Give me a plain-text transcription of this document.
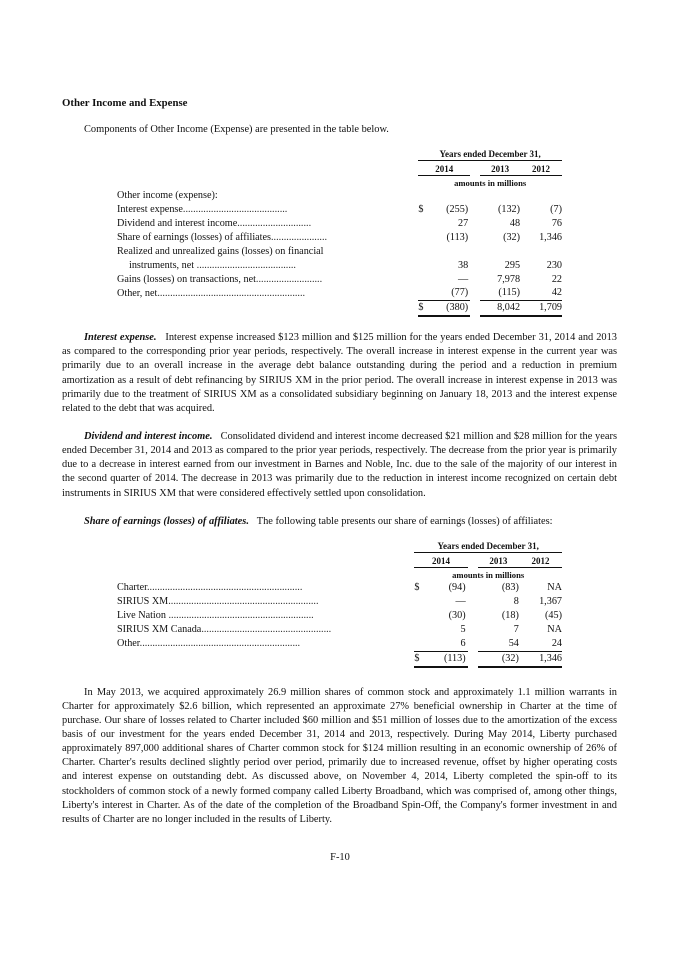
Other Income and Expense
Components of Other Income (Expense) are presented in the table below.
	Years ended December 31,				
	2014			2013	2012
	amounts in millions				
Other income (expense):					
Interest expense.........................................	$	(255)		(132)	(7)
Dividend and interest income.............................		27		48	76
Share of earnings (losses) of affiliates......................		(113)		(32)	1,346
Realized and unrealized gains (losses) on financial					
instruments, net .......................................		38		295	230
Gains (losses) on transactions, net..........................		—		7,978	22
Other, net..........................................................		(77)		(115)	42
	$	(380)		8,042	1,709

Interest expense. Interest expense increased $123 million and $125 million for the years ended December 31, 2014 and 2013 as compared to the corresponding prior year periods, respectively. The overall increase in interest expense in the current year was primarily due to an overall increase in the average debt balance outstanding during the period and a reduction in premium amortization as a result of debt refinancing by SIRIUS XM in the prior period. The overall increase in interest expense in 2013 was primarily due to the treatment of SIRIUS XM as a consolidated subsidiary beginning on January 18, 2013 and the interest expense related to the debt that was acquired.

Dividend and interest income. Consolidated dividend and interest income decreased $21 million and $28 million for the years ended December 31, 2014 and 2013 as compared to the prior year periods, respectively. The decrease from the prior year is primarily due to a decrease in interest earned from our investment in Barnes and Noble, Inc. due to the sale of the majority of our interest in the second quarter of 2014. The decrease in 2013 was primarily due to the reduction in interest income recognized on certain debt instruments in SIRIUS XM that were considered effectively settled upon consolidation.

Share of earnings (losses) of affiliates. The following table presents our share of earnings (losses) of affiliates:

	Years ended December 31,				
	2014			2013	2012
	amounts in millions				
Charter.............................................................	$	(94)		(83)	NA
SIRIUS XM...........................................................		—		8	1,367
Live Nation .........................................................		(30)		(18)	(45)
SIRIUS XM Canada...................................................		5		7	NA
Other...............................................................		6		54	24
	$	(113)		(32)	1,346

In May 2013, we acquired approximately 26.9 million shares of common stock and approximately 1.1 million warrants in Charter for approximately $2.6 billion, which represented an approximate 27% beneficial ownership in Charter at the time of purchase. Our share of losses related to Charter included $60 million and $51 million of losses due to the amortization of the excess basis of our investment for the years ended December 31, 2014 and 2013, respectively. During May 2014, Liberty purchased approximately 897,000 additional shares of Charter common stock for $124 million resulting in an economic ownership of 26% of Charter. Charter's results declined slightly period over period, primarily due to increased revenue, offset by higher operating costs and interest expense on outstanding debt. As discussed above, on November 4, 2014, Liberty completed the spin-off to its stockholders of common stock of a newly formed company called Liberty Broadband, which was comprised of, among other things, Liberty's interest in Charter. As of the date of the completion of the Broadband Spin-Off, the Company's former investment in and results of Charter are no longer included in the results of Liberty.

F-10
